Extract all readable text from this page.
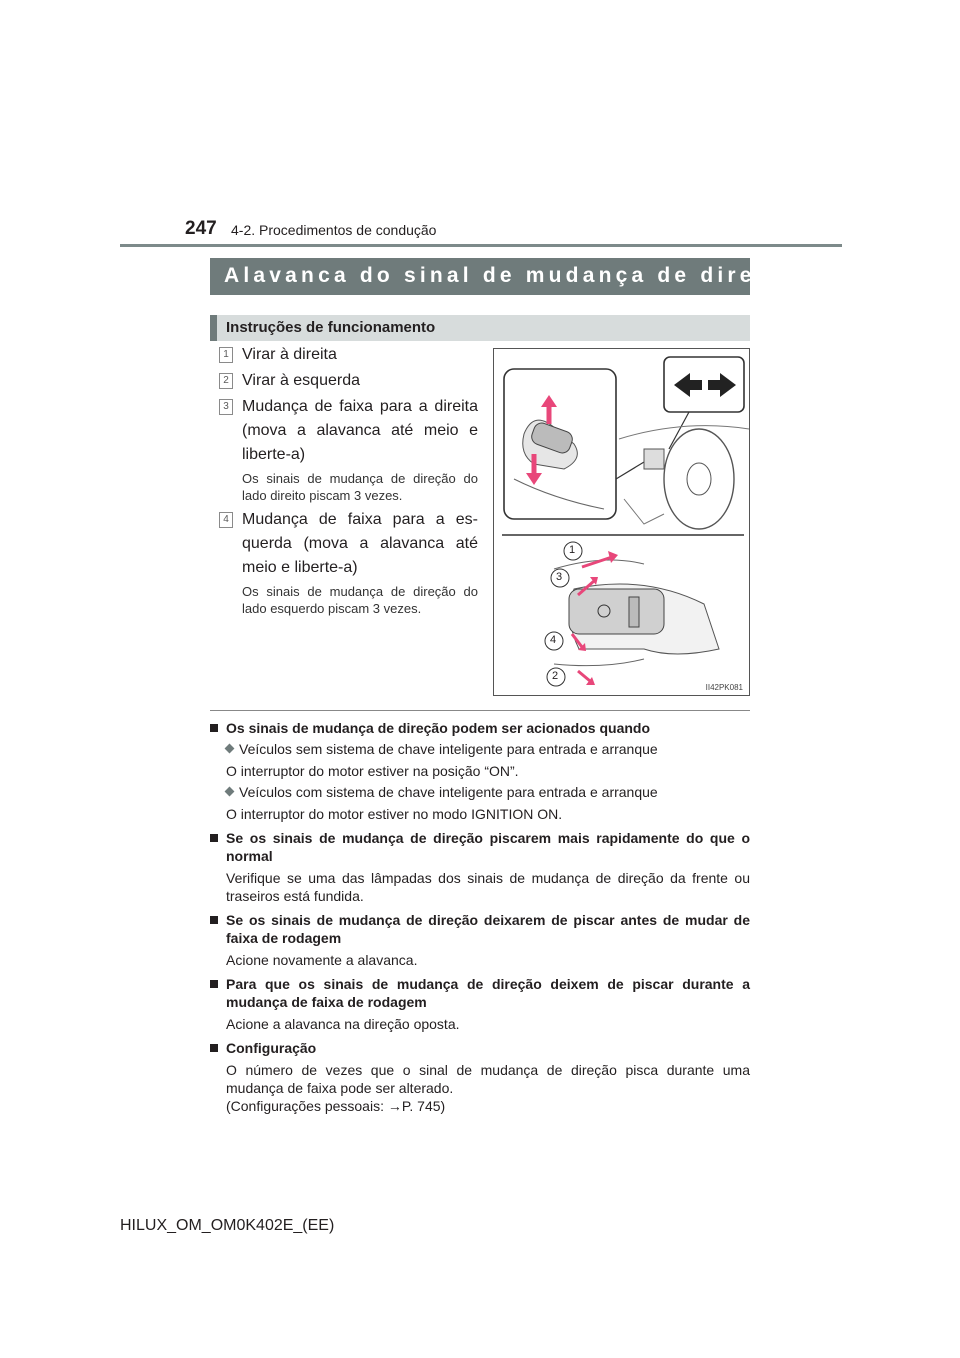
247 4-2. Procedimentos de condução
Alavanca do sinal de mudança de direção
Instruções de funcionamento
1 Virar à direita
2 Virar à esquerda
3 Mudança de faixa para a direita (mova a alavanca até meio e liberte-a)
Os sinais de mudança de direção do lado direito piscam 3 vezes.
4 Mudança de faixa para a es-querda (mova a alavanca até meio e liberte-a)
Os sinais de mudança de direção do lado esquerdo piscam 3 vezes.
1
3
4
2
II42PK081

Os sinais de mudança de direção podem ser acionados quando

Veículos sem sistema de chave inteligente para entrada e arranque

O interruptor do motor estiver na posição “ON”.

Veículos com sistema de chave inteligente para entrada e arranque

O interruptor do motor estiver no modo IGNITION ON.

Se os sinais de mudança de direção piscarem mais rapidamente do que o normal

Verifique se uma das lâmpadas dos sinais de mudança de direção da frente ou traseiros está fundida.

Se os sinais de mudança de direção deixarem de piscar antes de mudar de faixa de rodagem

Acione novamente a alavanca.

Para que os sinais de mudança de direção deixem de piscar durante a mudança de faixa de rodagem

Acione a alavanca na direção oposta.

Configuração

O número de vezes que o sinal de mudança de direção pisca durante uma mudança de faixa pode ser alterado.

(Configurações pessoais: →P. 745)

HILUX_OM_OM0K402E_(EE)
